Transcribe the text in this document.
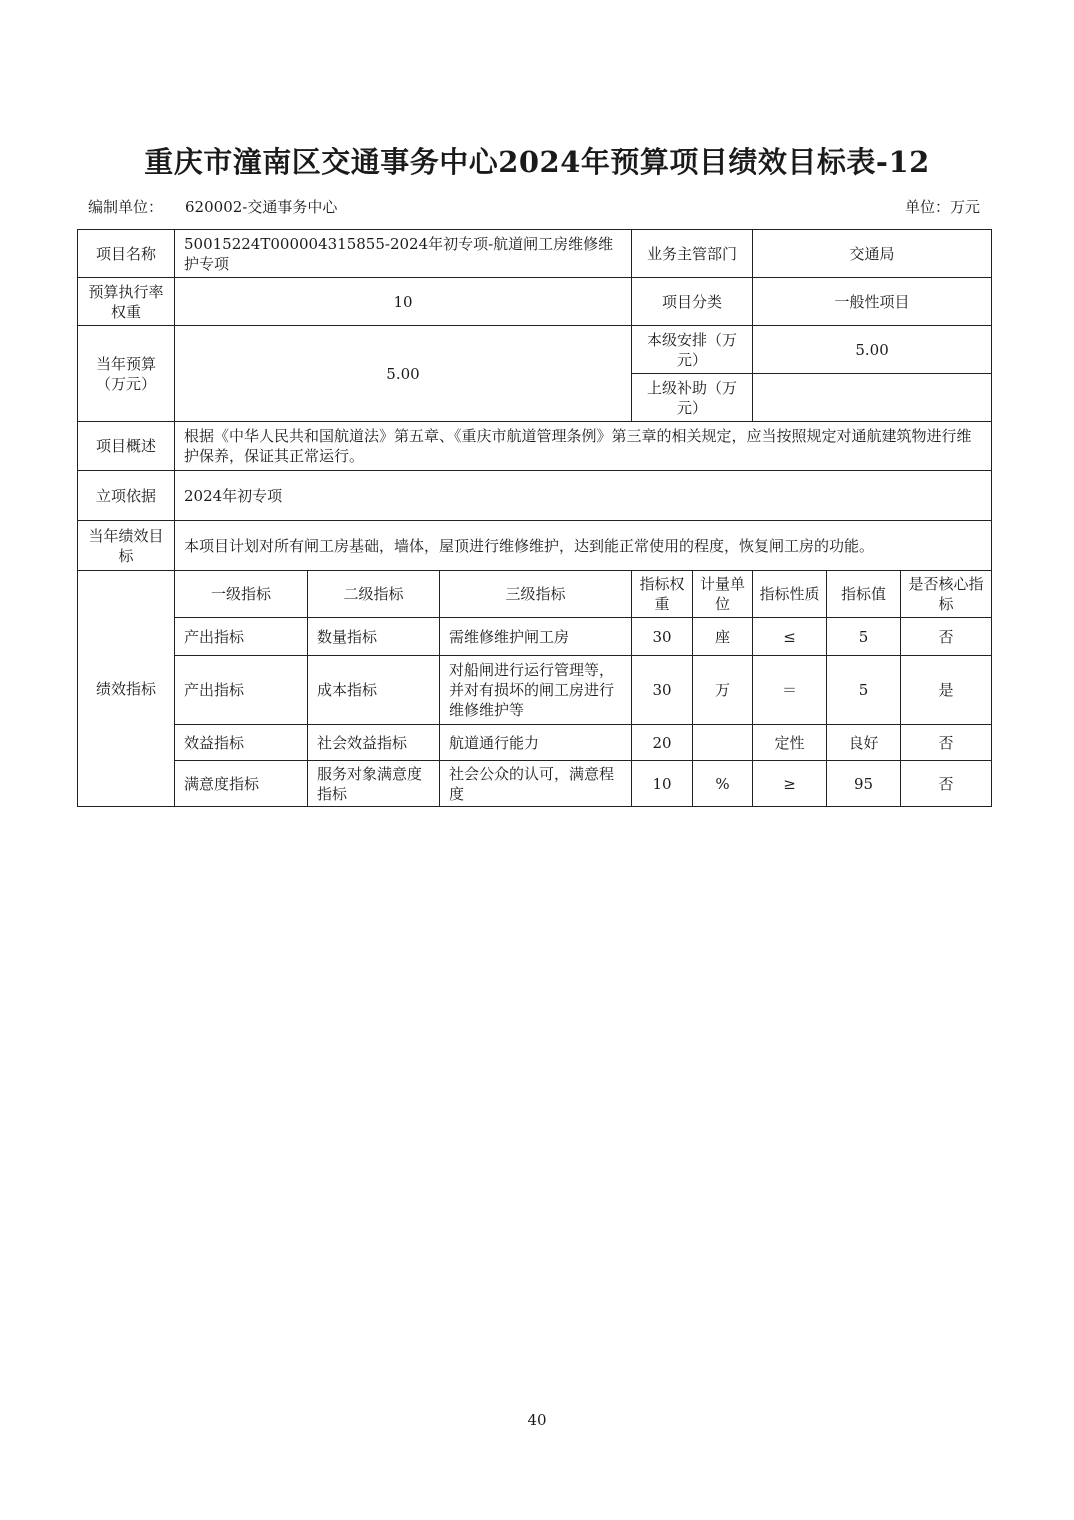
重庆市潼南区交通事务中心2024年预算项目绩效目标表-12
编制单位： 620002-交通事务中心	单位：万元
项目名称	50015224T000004315855-2024年初专项-航道闸工房维修维护专项			业务主管部门		交通局		
预算执行率权重	10			项目分类		一般性项目		
当年预算（万元）	5.00			本级安排（万元）		5.00		
				上级补助（万元）				
项目概述	根据《中华人民共和国航道法》第五章、《重庆市航道管理条例》第三章的相关规定，应当按照规定对通航建筑物进行维护保养，保证其正常运行。							
立项依据	2024年初专项							
当年绩效目标	本项目计划对所有闸工房基础，墙体，屋顶进行维修维护，达到能正常使用的程度，恢复闸工房的功能。							
绩效指标	一级指标	二级指标	三级指标	指标权重	计量单位	指标性质	指标值	是否核心指标
	产出指标	数量指标	需维修维护闸工房	30	座	≤	5	否
	产出指标	成本指标	对船闸进行运行管理等，并对有损坏的闸工房进行维修维护等	30	万	＝	5	是
	效益指标	社会效益指标	航道通行能力	20		定性	良好	否
	满意度指标	服务对象满意度指标	社会公众的认可，满意程度	10	%	≥	95	否
40
